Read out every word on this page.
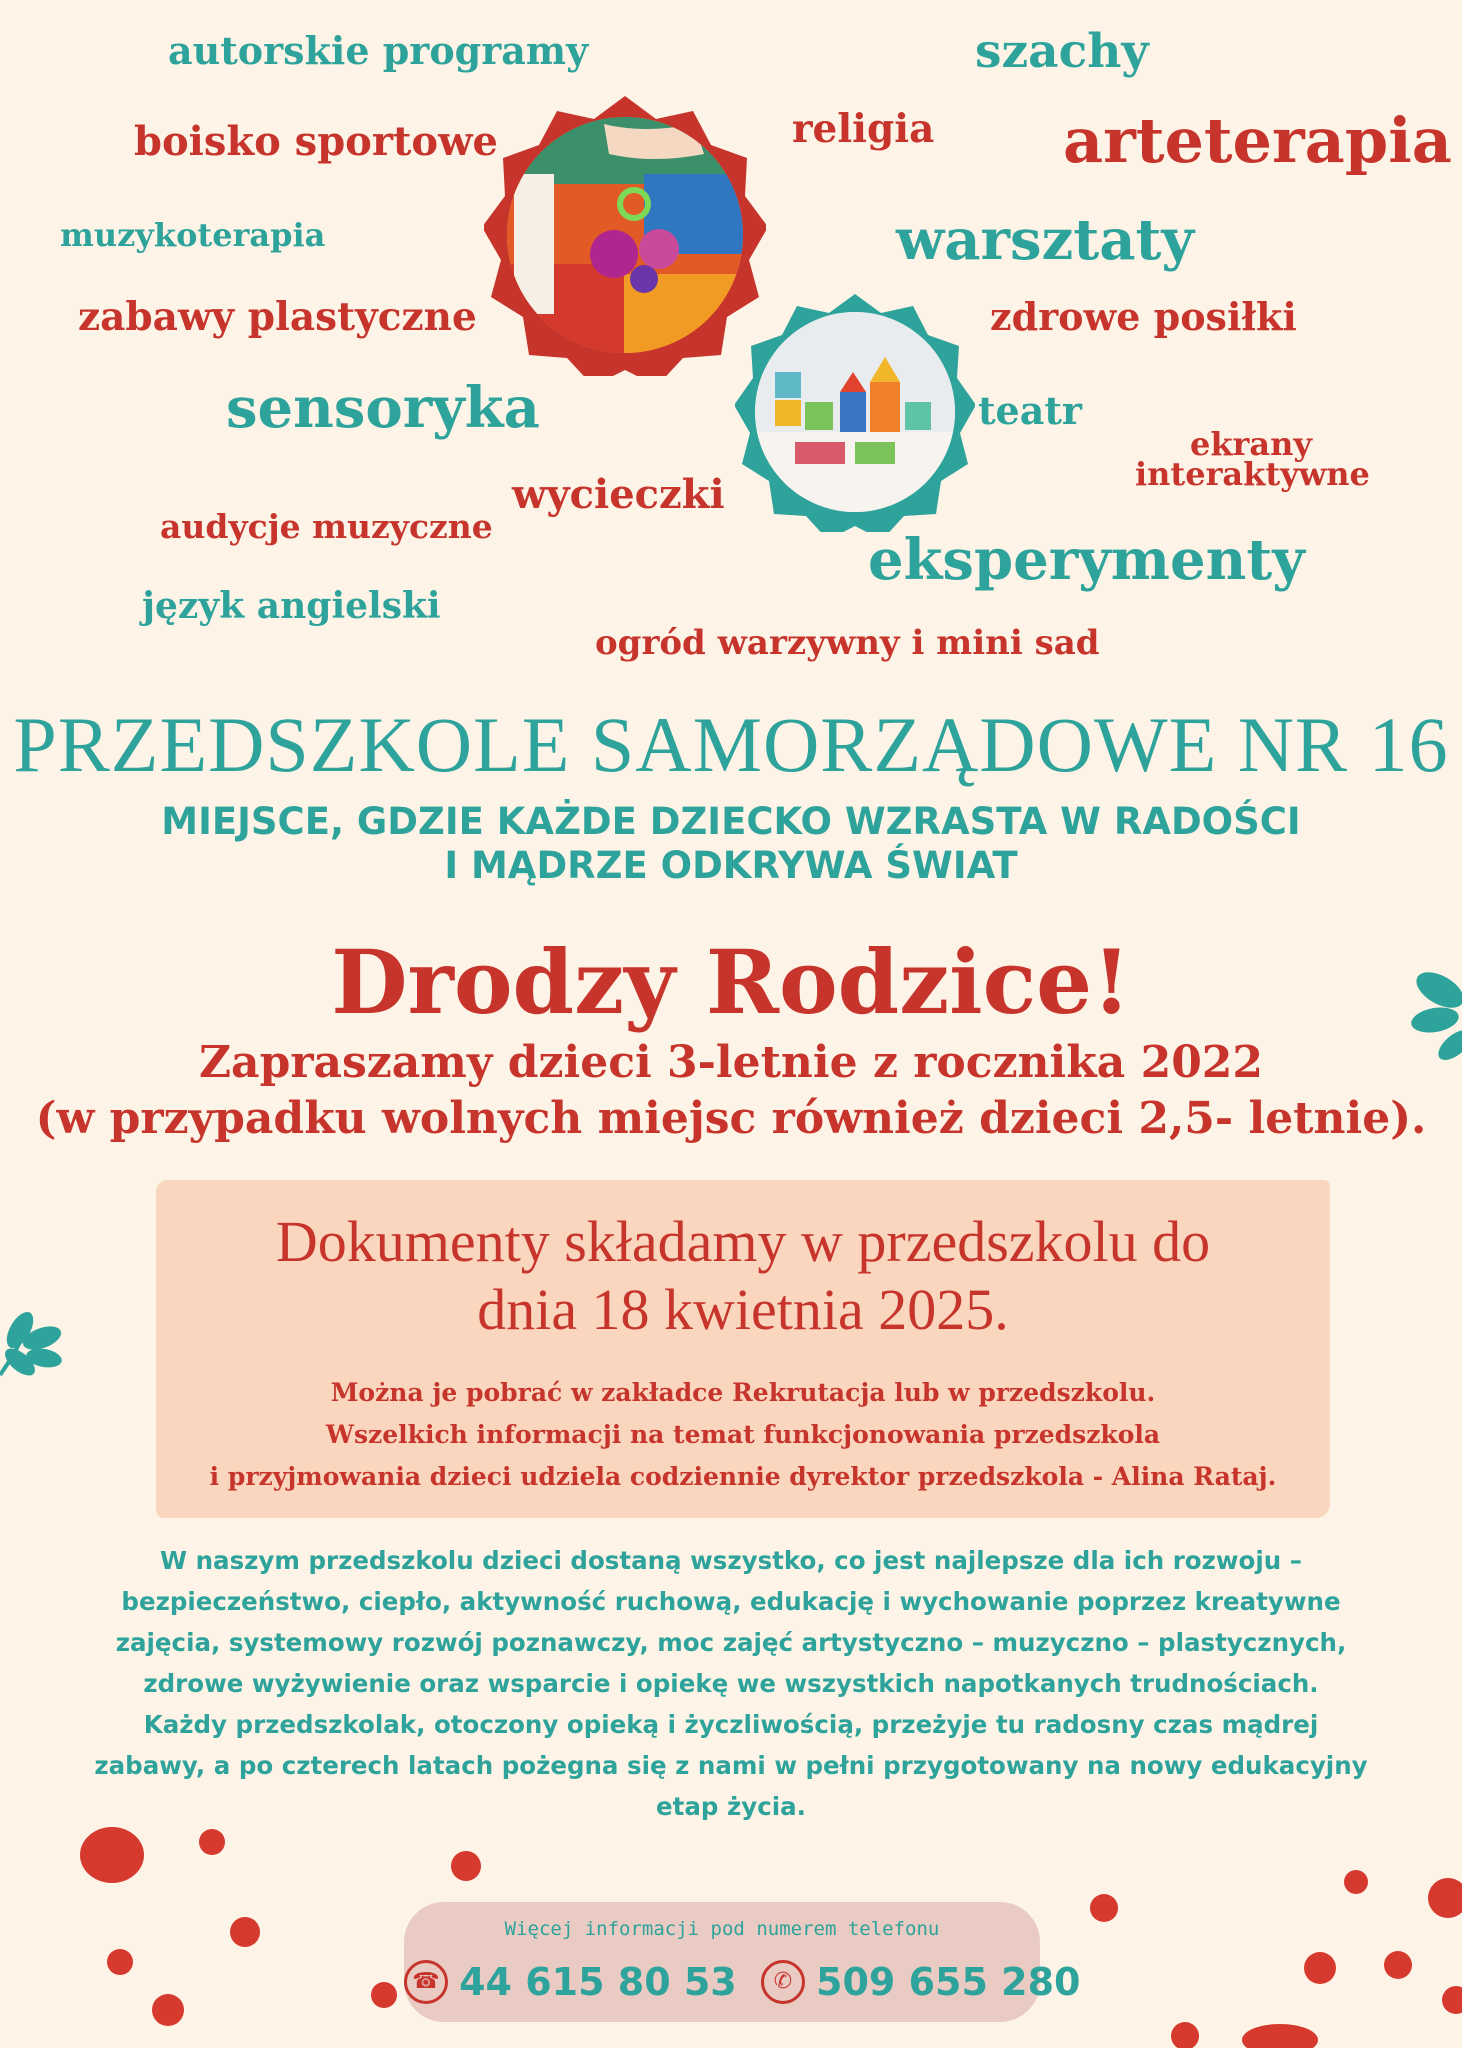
autorskie programy	szachy
boisko sportowe	religia arteterapia
muzykoterapia	warsztaty
zabawy plastyczne	zdrowe posiłki
sensoryka	teatr
ekrany
interaktywne
wycieczki
audycje muzyczne
eksperymenty
język angielski
ogród warzywny i mini sad
PRZEDSZKOLE SAMORZĄDOWE NR 16
MIEJSCE, GDZIE KAŻDE DZIECKO WZRASTA W RADOŚCI
I MĄDRZE ODKRYWA ŚWIAT
Drodzy Rodzice!
Zapraszamy dzieci 3-letnie z rocznika 2022
(w przypadku wolnych miejsc również dzieci 2,5- letnie).
Dokumenty składamy w przedszkolu do
dnia 18 kwietnia 2025.
Można je pobrać w zakładce Rekrutacja lub w przedszkolu.
Wszelkich informacji na temat funkcjonowania przedszkola
i przyjmowania dzieci udziela codziennie dyrektor przedszkola - Alina Rataj.
W naszym przedszkolu dzieci dostaną wszystko, co jest najlepsze dla ich rozwoju –
bezpieczeństwo, ciepło, aktywność ruchową, edukację i wychowanie poprzez kreatywne
zajęcia, systemowy rozwój poznawczy, moc zajęć artystyczno – muzyczno – plastycznych,
zdrowe wyżywienie oraz wsparcie i opiekę we wszystkich napotkanych trudnościach.
Każdy przedszkolak, otoczony opieką i życzliwością, przeżyje tu radosny czas mądrej
zabawy, a po czterech latach pożegna się z nami w pełni przygotowany na nowy edukacyjny
etap życia.
Więcej informacji pod numerem telefonu
☎ 44 615 80 53 ✆ 509 655 280
